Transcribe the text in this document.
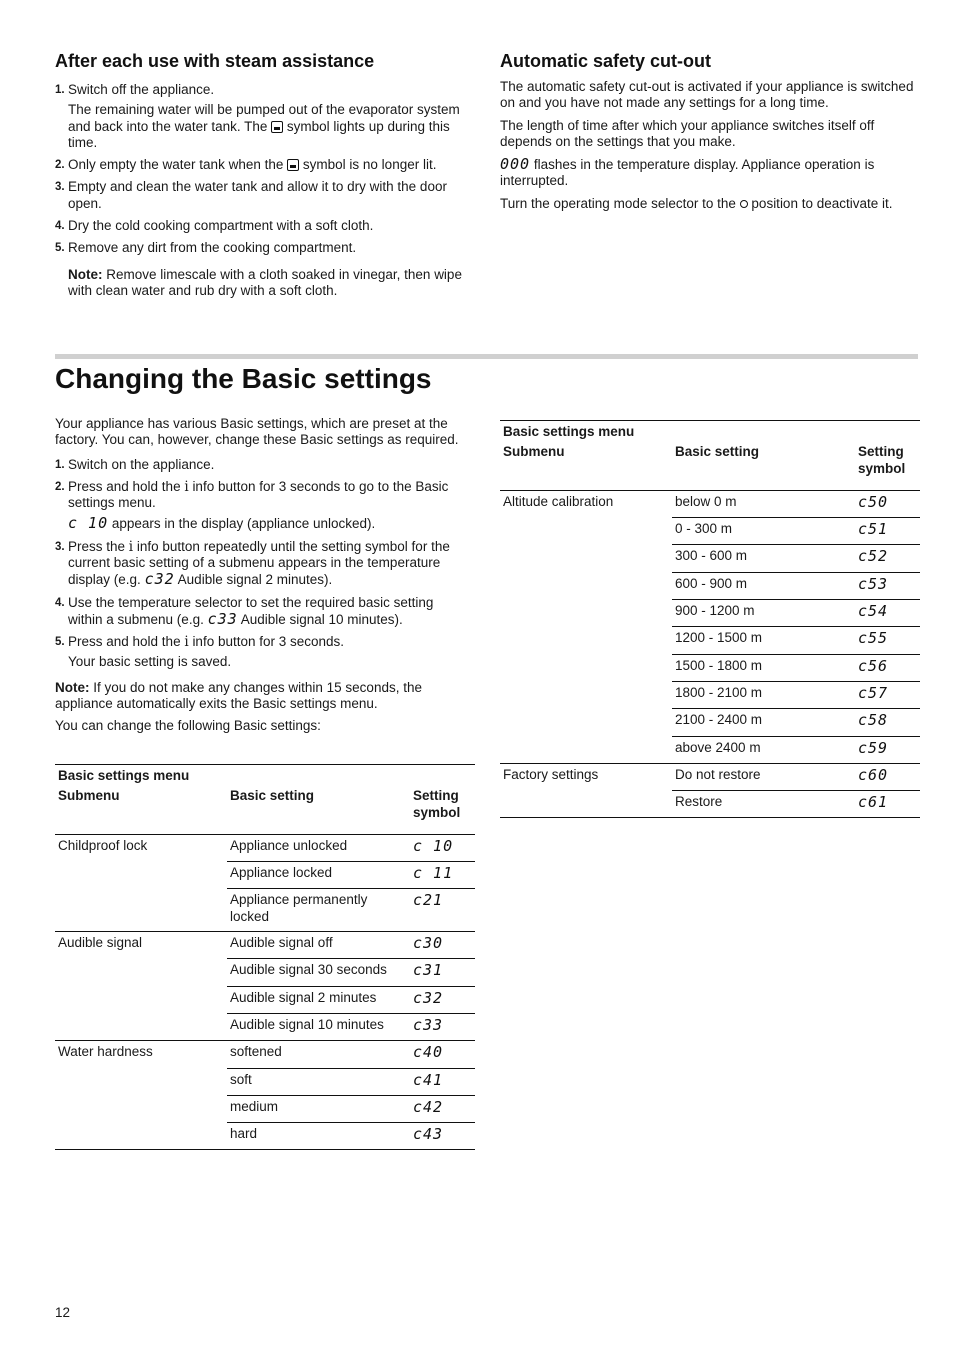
After each use with steam assistance

1. Switch off the appliance.

The remaining water will be pumped out of the evaporator system and back into the water tank. The symbol lights up during this time.

2. Only empty the water tank when the symbol is no longer lit.

3. Empty and clean the water tank and allow it to dry with the door open.

4. Dry the cold cooking compartment with a soft cloth.

5. Remove any dirt from the cooking compartment.

Note: Remove limescale with a cloth soaked in vinegar, then wipe with clean water and rub dry with a soft cloth.

Automatic safety cut-out

The automatic safety cut-out is activated if your appliance is switched on and you have not made any settings for a long time.

The length of time after which your appliance switches itself off depends on the settings that you make.

000 flashes in the temperature display. Appliance operation is interrupted.

Turn the operating mode selector to the position to deactivate it.

Changing the Basic settings

Your appliance has various Basic settings, which are preset at the factory. You can, however, change these Basic settings as required.

1. Switch on the appliance.

2. Press and hold the i info button for 3 seconds to go to the Basic settings menu.

c 10 appears in the display (appliance unlocked).

3. Press the i info button repeatedly until the setting symbol for the current basic setting of a submenu appears in the temperature display (e.g. c32 Audible signal 2 minutes).

4. Use the temperature selector to set the required basic setting within a submenu (e.g. c33 Audible signal 10 minutes).

5. Press and hold the i info button for 3 seconds.

Your basic setting is saved.

Note: If you do not make any changes within 15 seconds, the appliance automatically exits the Basic settings menu.

You can change the following Basic settings:

Basic settings menu		
Submenu	Basic setting	Setting
symbol
Childproof lock	Appliance unlocked	c 10
	Appliance locked	c 11
	Appliance permanently locked	c21
Audible signal	Audible signal off	c30
	Audible signal 30 seconds	c31
	Audible signal 2 minutes	c32
	Audible signal 10 minutes	c33
Water hardness	softened	c40
	soft	c41
	medium	c42
	hard	c43
Basic settings menu		
Submenu	Basic setting	Setting
symbol
Altitude calibration	below 0 m	c50
	0 - 300 m	c51
	300 - 600 m	c52
	600 - 900 m	c53
	900 - 1200 m	c54
	1200 - 1500 m	c55
	1500 - 1800 m	c56
	1800 - 2100 m	c57
	2100 - 2400 m	c58
	above 2400 m	c59
Factory settings	Do not restore	c60
	Restore	c61
12
